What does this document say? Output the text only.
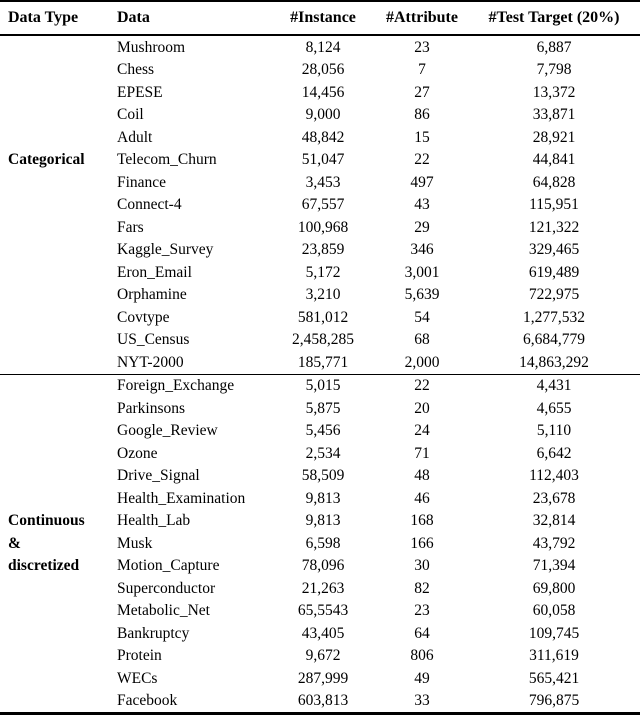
Data Type	Data	#Instance	#Attribute	#Test Target (20%)
	Mushroom	8,124	23	6,887
	Chess	28,056	7	7,798
	EPESE	14,456	27	13,372
	Coil	9,000	86	33,871
	Adult	48,842	15	28,921
Categorical	Telecom_Churn	51,047	22	44,841
	Finance	3,453	497	64,828
	Connect-4	67,557	43	115,951
	Fars	100,968	29	121,322
	Kaggle_Survey	23,859	346	329,465
	Eron_Email	5,172	3,001	619,489
	Orphamine	3,210	5,639	722,975
	Covtype	581,012	54	1,277,532
	US_Census	2,458,285	68	6,684,779
	NYT-2000	185,771	2,000	14,863,292
	Foreign_Exchange	5,015	22	4,431
	Parkinsons	5,875	20	4,655
	Google_Review	5,456	24	5,110
	Ozone	2,534	71	6,642
	Drive_Signal	58,509	48	112,403
	Health_Examination	9,813	46	23,678
Continuous	Health_Lab	9,813	168	32,814
&	Musk	6,598	166	43,792
discretized	Motion_Capture	78,096	30	71,394
	Superconductor	21,263	82	69,800
	Metabolic_Net	65,5543	23	60,058
	Bankruptcy	43,405	64	109,745
	Protein	9,672	806	311,619
	WECs	287,999	49	565,421
	Facebook	603,813	33	796,875
